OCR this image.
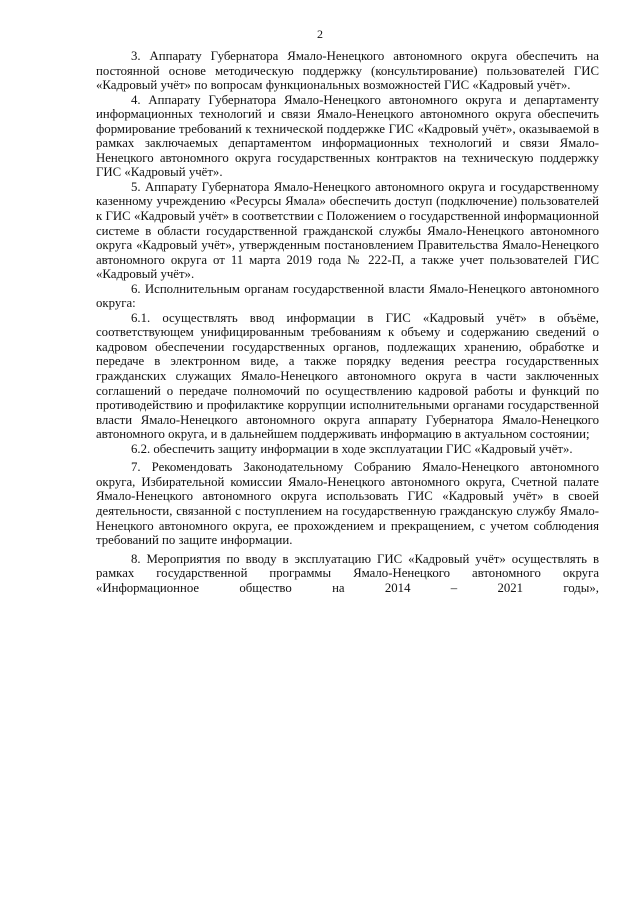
2

3. Аппарату Губернатора Ямало-Ненецкого автономного округа обеспечить на постоянной основе методическую поддержку (консультирование) пользователей ГИС «Кадровый учёт» по вопросам функциональных возможностей ГИС «Кадровый учёт».

4. Аппарату Губернатора Ямало-Ненецкого автономного округа и департаменту информационных технологий и связи Ямало-Ненецкого автономного округа обеспечить формирование требований к технической поддержке ГИС «Кадровый учёт», оказываемой в рамках заключаемых департаментом информационных технологий и связи Ямало-Ненецкого автономного округа государственных контрактов на техническую поддержку ГИС «Кадровый учёт».

5. Аппарату Губернатора Ямало-Ненецкого автономного округа и государственному казенному учреждению «Ресурсы Ямала» обеспечить доступ (подключение) пользователей к ГИС «Кадровый учёт» в соответствии с Положением о государственной информационной системе в области государственной гражданской службы Ямало-Ненецкого автономного округа «Кадровый учёт», утвержденным постановлением Правительства Ямало-Ненецкого автономного округа от 11 марта 2019 года № 222-П, а также учет пользователей ГИС «Кадровый учёт».

6. Исполнительным органам государственной власти Ямало-Ненецкого автономного округа:

6.1. осуществлять ввод информации в ГИС «Кадровый учёт» в объёме, соответствующем унифицированным требованиям к объему и содержанию сведений о кадровом обеспечении государственных органов, подлежащих хранению, обработке и передаче в электронном виде, а также порядку ведения реестра государственных гражданских служащих Ямало-Ненецкого автономного округа в части заключенных соглашений о передаче полномочий по осуществлению кадровой работы и функций по противодействию и профилактике коррупции исполнительными органами государственной власти Ямало-Ненецкого автономного округа аппарату Губернатора Ямало-Ненецкого автономного округа, и в дальнейшем поддерживать информацию в актуальном состоянии;

6.2. обеспечить защиту информации в ходе эксплуатации ГИС «Кадровый учёт».

7. Рекомендовать Законодательному Собранию Ямало-Ненецкого автономного округа, Избирательной комиссии Ямало-Ненецкого автономного округа, Счетной палате Ямало-Ненецкого автономного округа использовать ГИС «Кадровый учёт» в своей деятельности, связанной с поступлением на государственную гражданскую службу Ямало-Ненецкого автономного округа, ее прохождением и прекращением, с учетом соблюдения требований по защите информации.

8. Мероприятия по вводу в эксплуатацию ГИС «Кадровый учёт» осуществлять в рамках государственной программы Ямало-Ненецкого автономного округа «Информационное общество на 2014 – 2021 годы»,
